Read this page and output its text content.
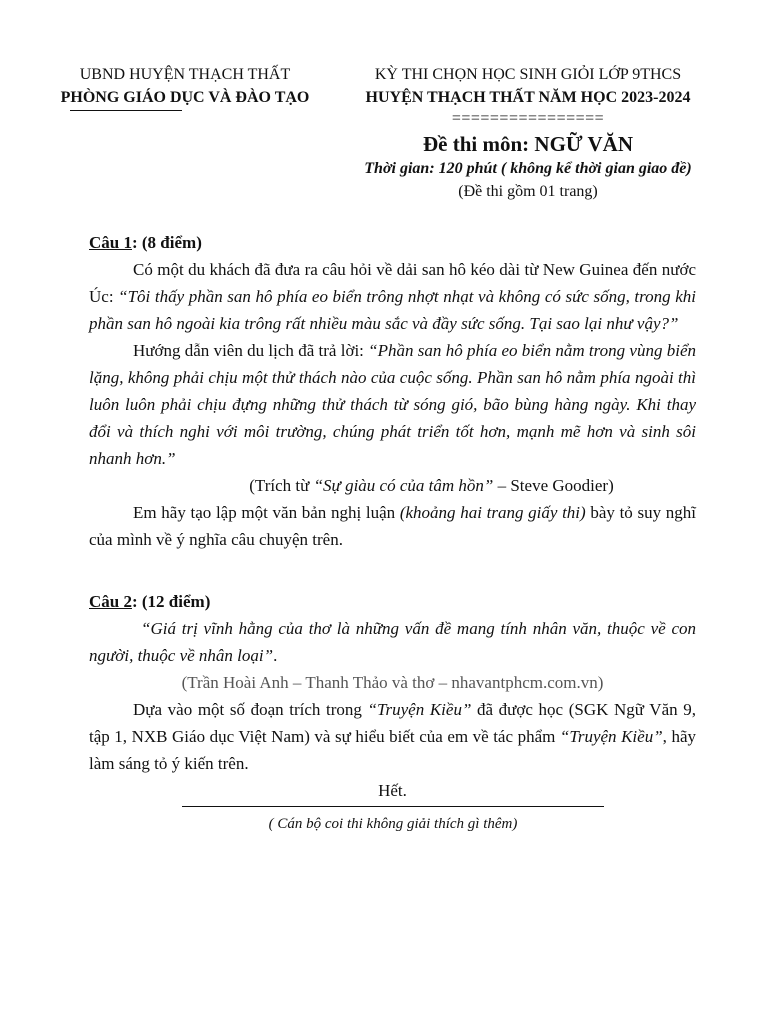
UBND HUYỆN THẠCH THẤT
PHÒNG GIÁO DỤC VÀ ĐÀO TẠO
KỲ THI CHỌN HỌC SINH GIỎI LỚP 9THCS
HUYỆN THẠCH THẤT NĂM HỌC 2023-2024
================
Đề thi môn: NGỮ VĂN
Thời gian: 120 phút ( không kể thời gian giao đề)
(Đề thi gồm 01 trang)
Câu 1: (8 điểm)

Có một du khách đã đưa ra câu hỏi về dải san hô kéo dài từ New Guinea đến nước Úc: “Tôi thấy phần san hô phía eo biển trông nhợt nhạt và không có sức sống, trong khi phần san hô ngoài kia trông rất nhiều màu sắc và đầy sức sống. Tại sao lại như vậy?”

Hướng dẫn viên du lịch đã trả lời: “Phần san hô phía eo biển nằm trong vùng biển lặng, không phải chịu một thử thách nào của cuộc sống. Phần san hô nằm phía ngoài thì luôn luôn phải chịu đựng những thử thách từ sóng gió, bão bùng hàng ngày. Khi thay đổi và thích nghi với môi trường, chúng phát triển tốt hơn, mạnh mẽ hơn và sinh sôi nhanh hơn.”

(Trích từ “Sự giàu có của tâm hồn” – Steve Goodier)

Em hãy tạo lập một văn bản nghị luận (khoảng hai trang giấy thi) bày tỏ suy nghĩ của mình về ý nghĩa câu chuyện trên.

Câu 2: (12 điểm)

“Giá trị vĩnh hằng của thơ là những vấn đề mang tính nhân văn, thuộc về con người, thuộc về nhân loại”.

(Trần Hoài Anh – Thanh Thảo và thơ – nhavantphcm.com.vn)

Dựa vào một số đoạn trích trong “Truyện Kiều” đã được học (SGK Ngữ Văn 9, tập 1, NXB Giáo dục Việt Nam) và sự hiểu biết của em về tác phẩm “Truyện Kiều”, hãy làm sáng tỏ ý kiến trên.

Hết.
( Cán bộ coi thi không giải thích gì thêm)
